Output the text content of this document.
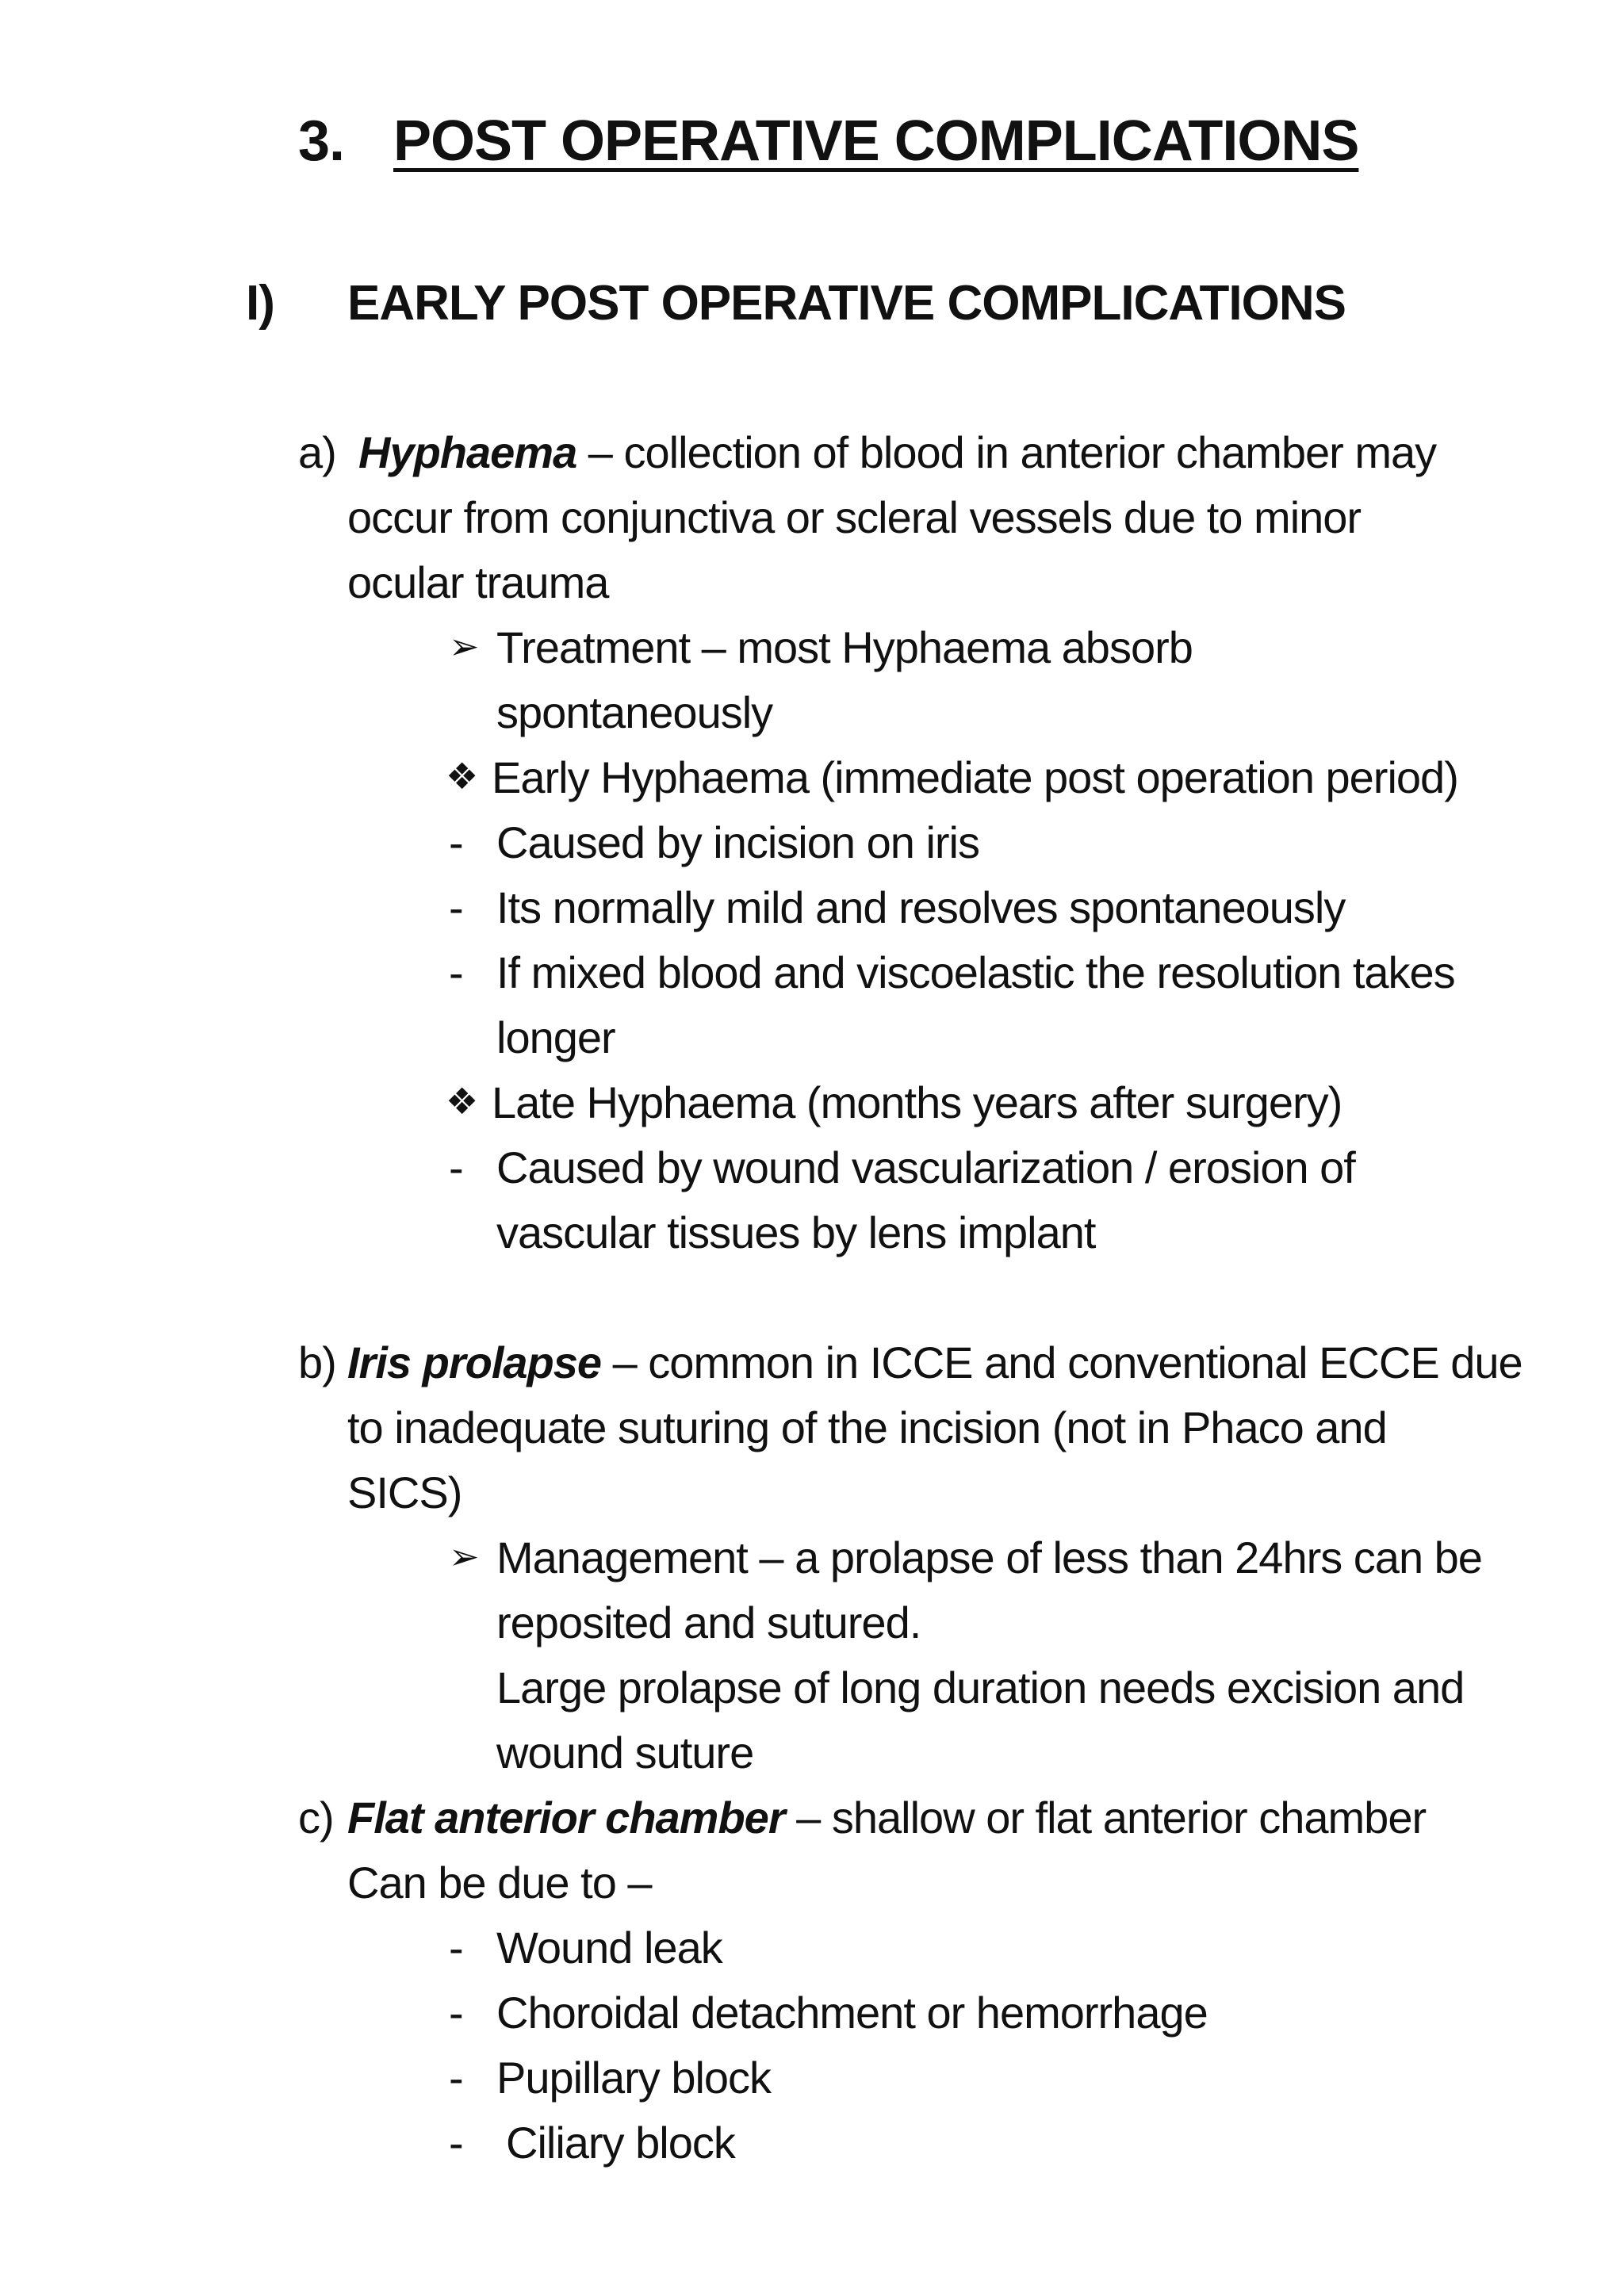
3. POST OPERATIVE COMPLICATIONS
I) EARLY POST OPERATIVE COMPLICATIONS
a) Hyphaema – collection of blood in anterior chamber may
occur from conjunctiva or scleral vessels due to minor
ocular trauma
➢ Treatment – most Hyphaema absorb
spontaneously
❖ Early Hyphaema (immediate post operation period)
- Caused by incision on iris
- Its normally mild and resolves spontaneously
- If mixed blood and viscoelastic the resolution takes
longer
❖ Late Hyphaema (months years after surgery)
- Caused by wound vascularization / erosion of
vascular tissues by lens implant
b) Iris prolapse – common in ICCE and conventional ECCE due
to inadequate suturing of the incision (not in Phaco and
SICS)
➢ Management – a prolapse of less than 24hrs can be
reposited and sutured.
Large prolapse of long duration needs excision and
wound suture
c) Flat anterior chamber – shallow or flat anterior chamber
Can be due to –
- Wound leak
- Choroidal detachment or hemorrhage
- Pupillary block
- Ciliary block
